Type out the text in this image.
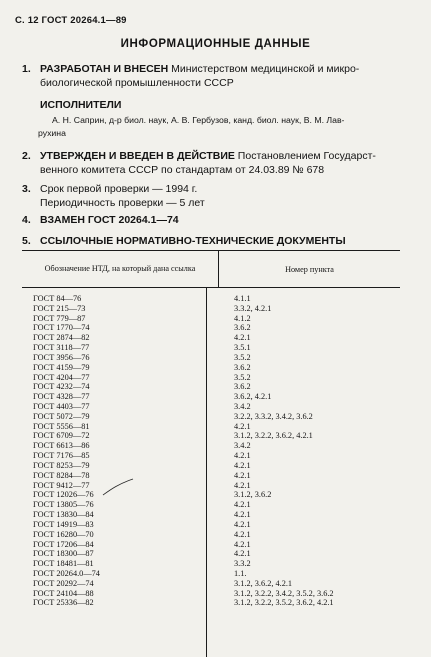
С. 12 ГОСТ 20264.1—89
ИНФОРМАЦИОННЫЕ ДАННЫЕ
1. РАЗРАБОТАН И ВНЕСЕН Министерством медицинской и микро-биологической промышленности СССР
ИСПОЛНИТЕЛИ
А. Н. Саприн, д-р биол. наук, А. В. Гербузов, канд. биол. наук, В. М. Лав-
рухина
2. УТВЕРЖДЕН И ВВЕДЕН В ДЕЙСТВИЕ Постановлением Государст-венного комитета СССР по стандартам от 24.03.89 № 678
3. Срок первой проверки — 1994 г.
Периодичность проверки — 5 лет
4. ВЗАМЕН ГОСТ 20264.1—74
5. ССЫЛОЧНЫЕ НОРМАТИВНО-ТЕХНИЧЕСКИЕ ДОКУМЕНТЫ
Обозначение НТД, на который дана ссылка	Номер пункта
ГОСТ 84—76	4.1.1
ГОСТ 215—73	3.3.2, 4.2.1
ГОСТ 779—87	4.1.2
ГОСТ 1770—74	3.6.2
ГОСТ 2874—82	4.2.1
ГОСТ 3118—77	3.5.1
ГОСТ 3956—76	3.5.2
ГОСТ 4159—79	3.6.2
ГОСТ 4204—77	3.5.2
ГОСТ 4232—74	3.6.2
ГОСТ 4328—77	3.6.2, 4.2.1
ГОСТ 4403—77	3.4.2
ГОСТ 5072—79	3.2.2, 3.3.2, 3.4.2, 3.6.2
ГОСТ 5556—81	4.2.1
ГОСТ 6709—72	3.1.2, 3.2.2, 3.6.2, 4.2.1
ГОСТ 6613—86	3.4.2
ГОСТ 7176—85	4.2.1
ГОСТ 8253—79	4.2.1
ГОСТ 8284—78	4.2.1
ГОСТ 9412—77	4.2.1
ГОСТ 12026—76	3.1.2, 3.6.2
ГОСТ 13805—76	4.2.1
ГОСТ 13830—84	4.2.1
ГОСТ 14919—83	4.2.1
ГОСТ 16280—70	4.2.1
ГОСТ 17206—84	4.2.1
ГОСТ 18300—87	4.2.1
ГОСТ 18481—81	3.3.2
ГОСТ 20264.0—74	1.1.
ГОСТ 20292—74	3.1.2, 3.6.2, 4.2.1
ГОСТ 24104—88	3.1.2, 3.2.2, 3.4.2, 3.5.2, 3.6.2
ГОСТ 25336—82	3.1.2, 3.2.2, 3.5.2, 3.6.2, 4.2.1
